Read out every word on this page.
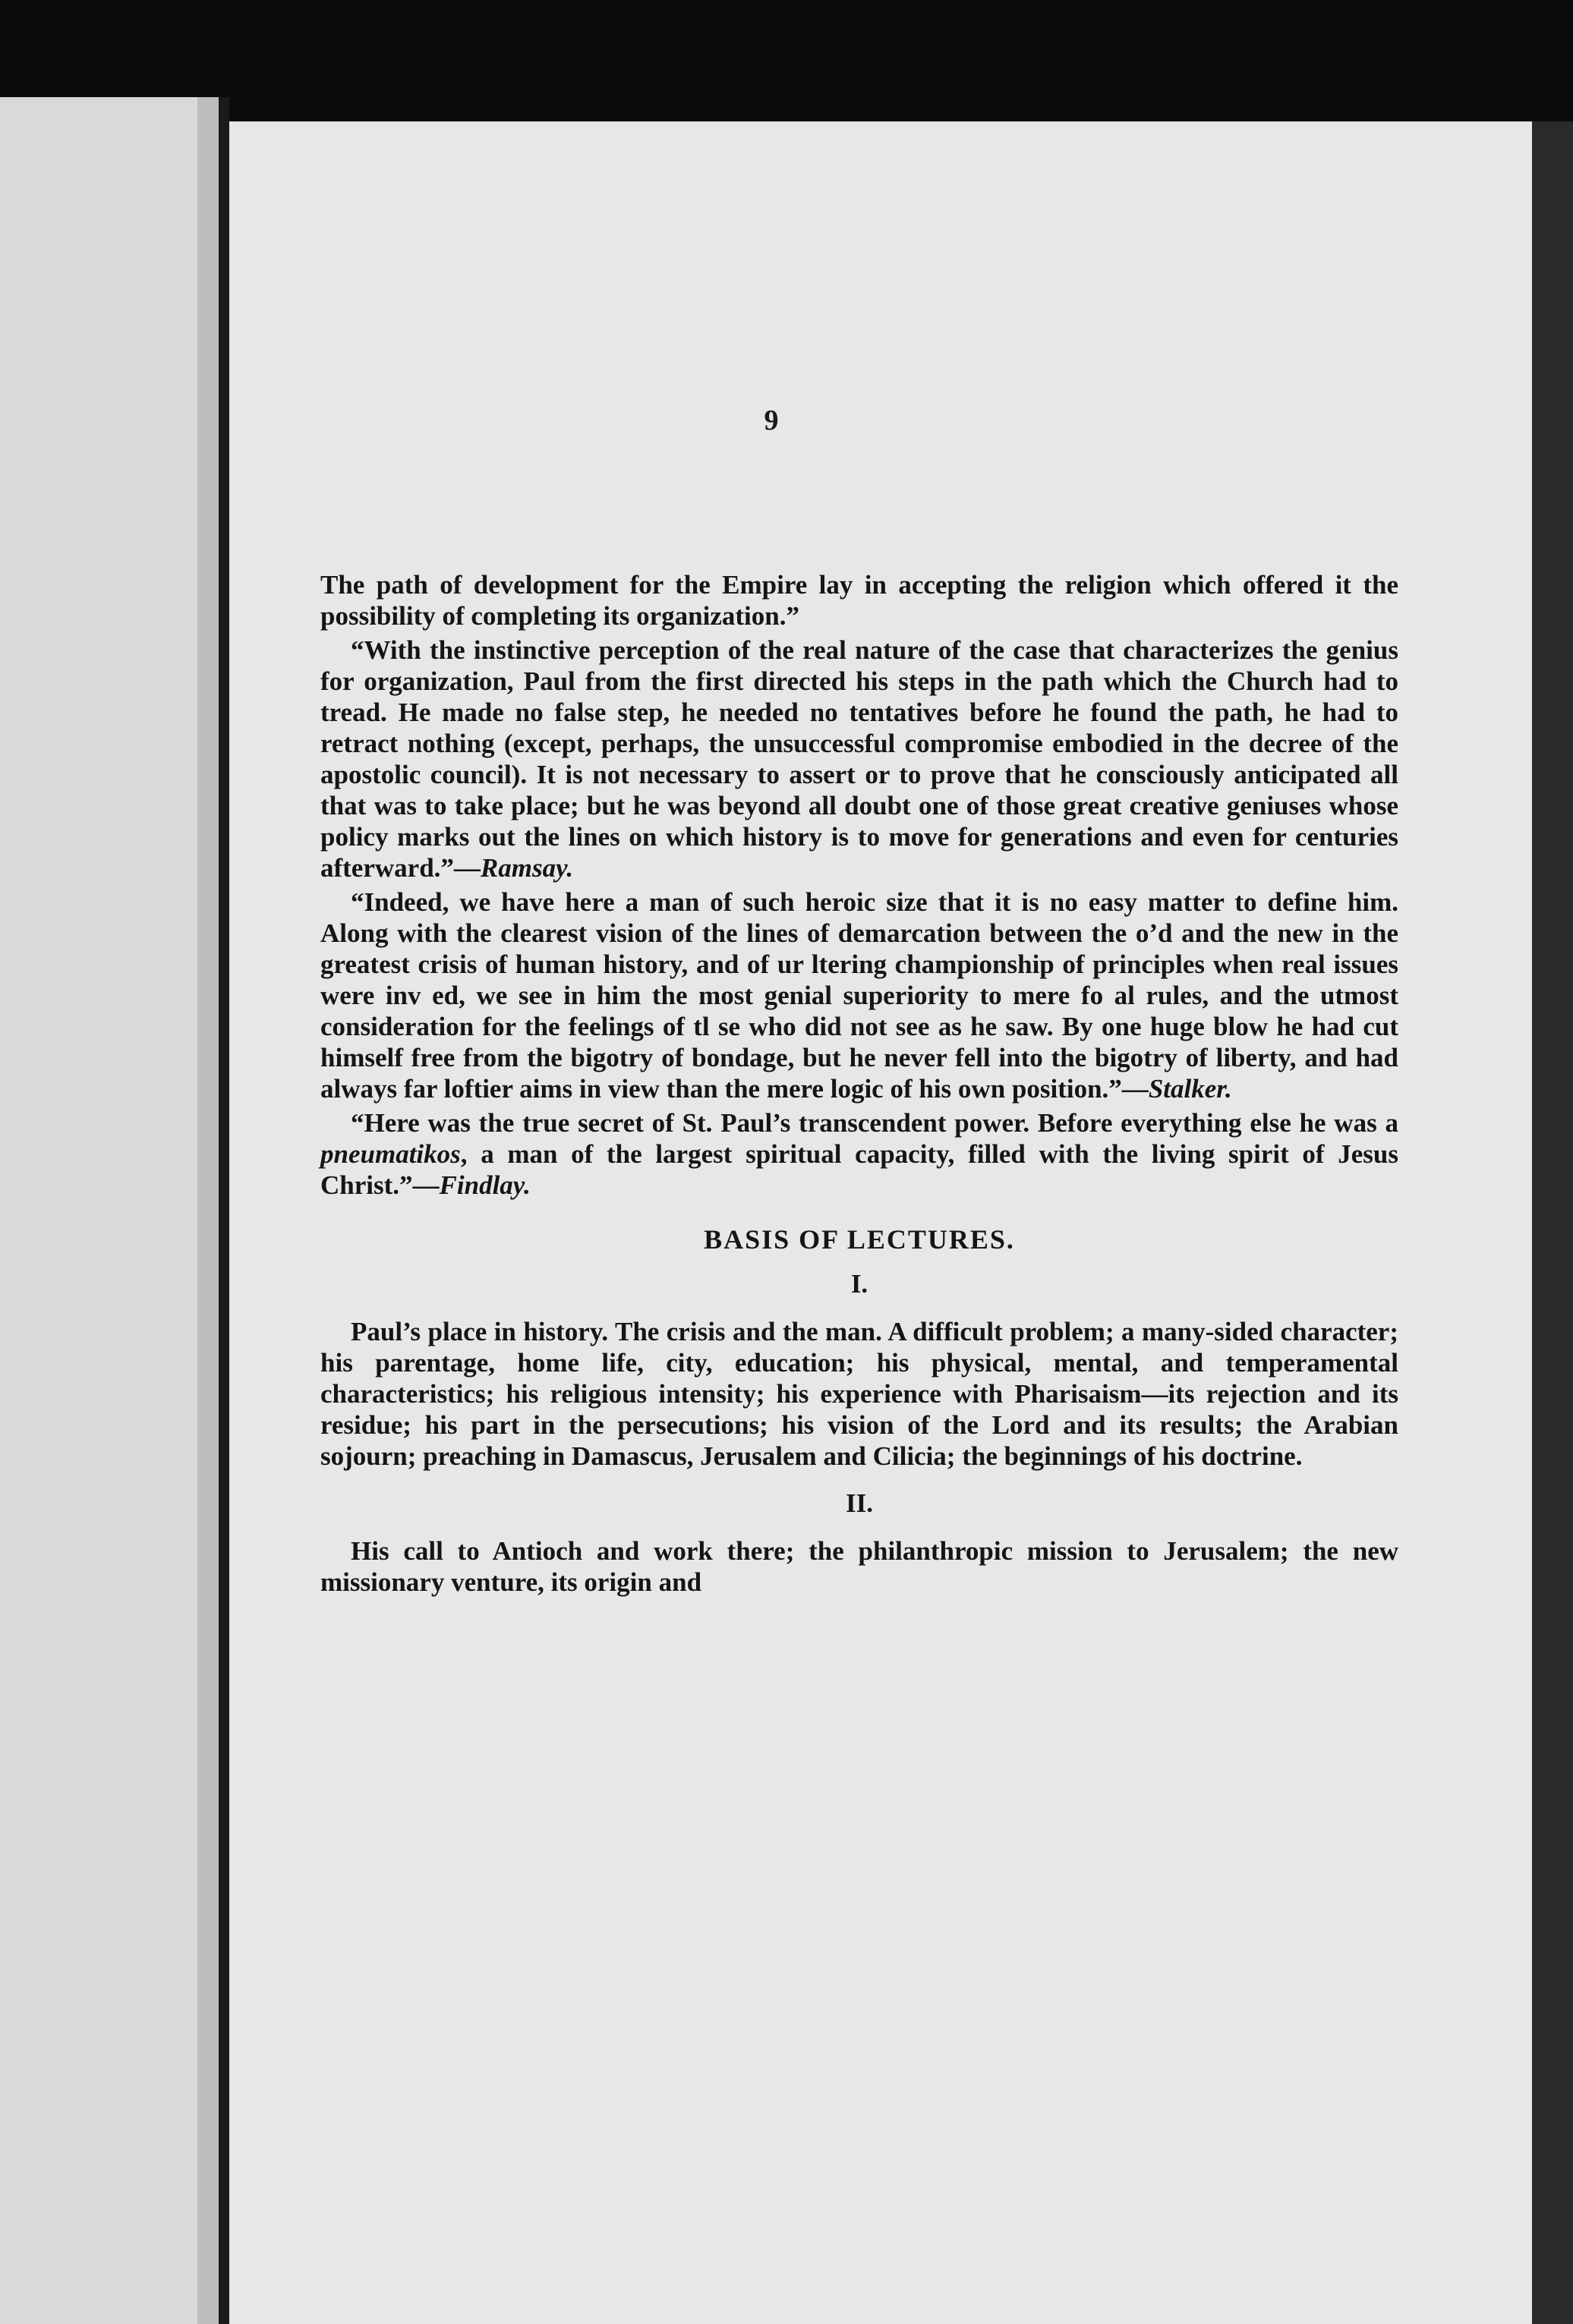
9

The path of development for the Empire lay in accepting the religion which offered it the possibility of completing its organization.”

“With the instinctive perception of the real nature of the case that characterizes the genius for organization, Paul from the first directed his steps in the path which the Church had to tread. He made no false step, he needed no tentatives before he found the path, he had to retract nothing (except, perhaps, the unsuccessful compromise embodied in the decree of the apostolic council). It is not necessary to assert or to prove that he consciously anticipated all that was to take place; but he was beyond all doubt one of those great creative geniuses whose policy marks out the lines on which history is to move for generations and even for centuries afterward.”—Ramsay.

“Indeed, we have here a man of such heroic size that it is no easy matter to define him. Along with the clearest vision of the lines of demarcation between the o’d and the new in the greatest crisis of human history, and of ur ltering championship of principles when real issues were inv ed, we see in him the most genial superiority to mere fo al rules, and the utmost consideration for the feelings of tl se who did not see as he saw. By one huge blow he had cut himself free from the bigotry of bondage, but he never fell into the bigotry of liberty, and had always far loftier aims in view than the mere logic of his own position.”—Stalker.

“Here was the true secret of St. Paul’s transcendent power. Before everything else he was a pneumatikos, a man of the largest spiritual capacity, filled with the living spirit of Jesus Christ.”—Findlay.

BASIS OF LECTURES.
I.

Paul’s place in history. The crisis and the man. A difficult problem; a many-sided character; his parentage, home life, city, education; his physical, mental, and temperamental characteristics; his religious intensity; his experience with Pharisaism—its rejection and its residue; his part in the persecutions; his vision of the Lord and its results; the Arabian sojourn; preaching in Damascus, Jerusalem and Cilicia; the beginnings of his doctrine.

II.

His call to Antioch and work there; the philanthropic mission to Jerusalem; the new missionary venture, its origin and
